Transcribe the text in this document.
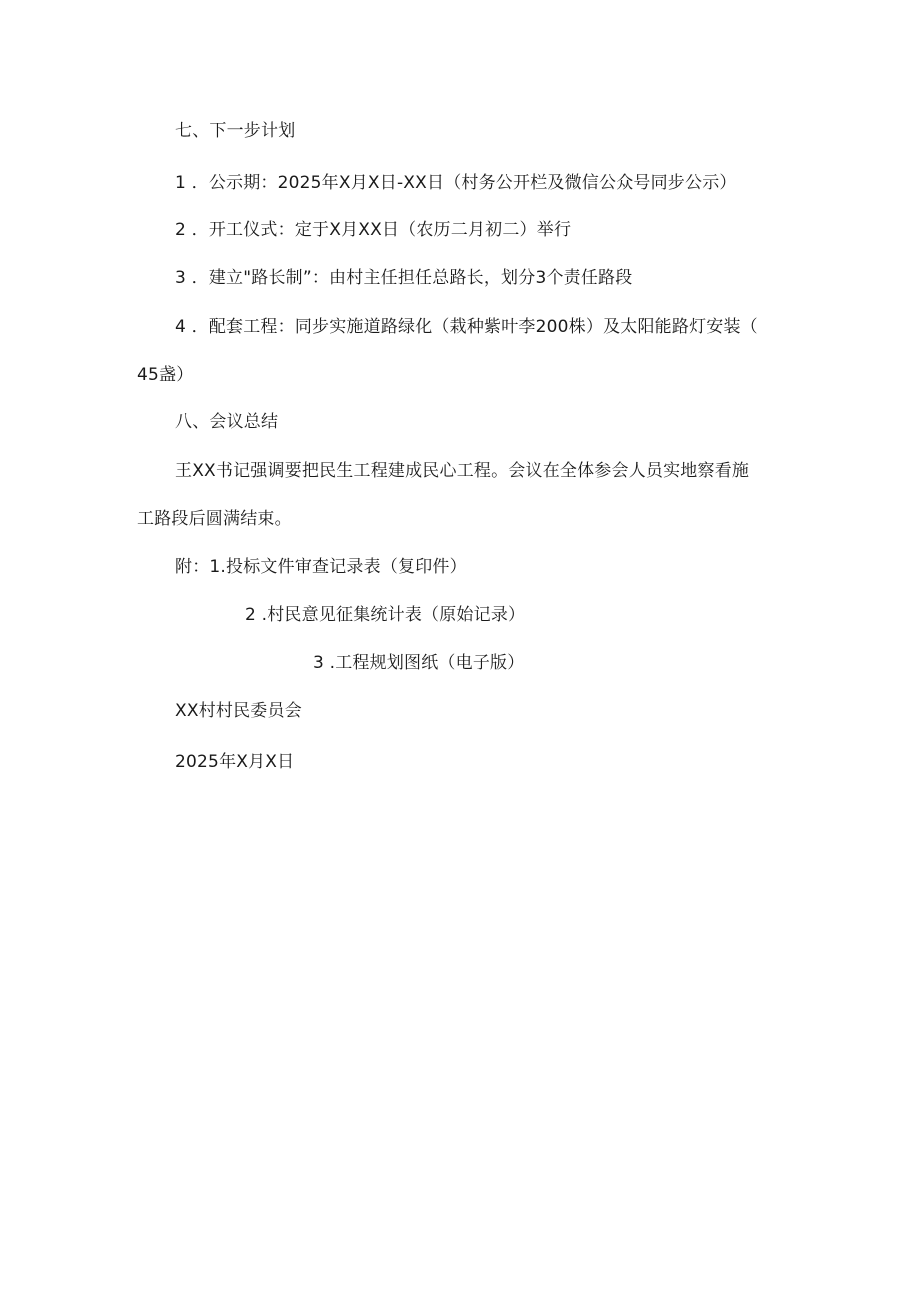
七、下一步计划
1 ．公示期：2025年X月X日-XX日（村务公开栏及微信公众号同步公示）
2 ．开工仪式：定于X月XX日（农历二月初二）举行
3 ．建立"路长制”：由村主任担任总路长，划分3个责任路段
4 ．配套工程：同步实施道路绿化（栽种紫叶李200株）及太阳能路灯安装（
45盏）
八、会议总结
王XX书记强调要把民生工程建成民心工程。会议在全体参会人员实地察看施
工路段后圆满结束。
附：1.投标文件审查记录表（复印件）
2 .村民意见征集统计表（原始记录）
3 .工程规划图纸（电子版）
XX村村民委员会
2025年X月X日
